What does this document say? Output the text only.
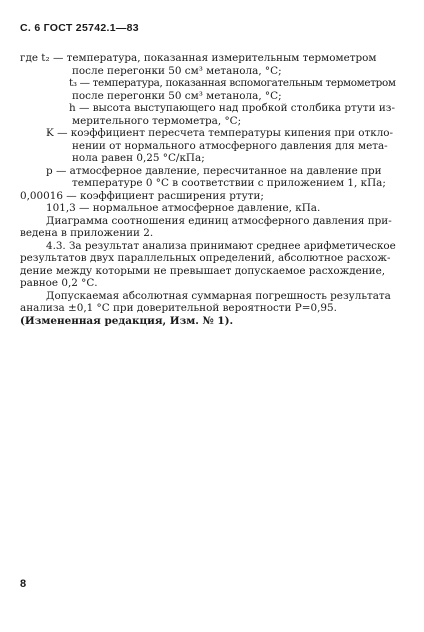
С. 6 ГОСТ 25742.1—83
где t₂ — температура, показанная измерительным термометром
после перегонки 50 см³ метанола, °С;
t₃ — температура, показанная вспомогательным термометром
после перегонки 50 см³ метанола, °С;
h — высота выступающего над пробкой столбика ртути из-
мерительного термометра, °С;
K — коэффициент пересчета температуры кипения при откло-
нении от нормального атмосферного давления для мета-
нола равен 0,25 °С/кПа;
p — атмосферное давление, пересчитанное на давление при
температуре 0 °С в соответствии с приложением 1, кПа;
0,00016 — коэффициент расширения ртути;
101,3 — нормальное атмосферное давление, кПа.
Диаграмма соотношения единиц атмосферного давления при-
ведена в приложении 2.
4.3. За результат анализа принимают среднее арифметическое
результатов двух параллельных определений, абсолютное расхож-
дение между которыми не превышает допускаемое расхождение,
равное 0,2 °С.
Допускаемая абсолютная суммарная погрешность результата
анализа ±0,1 °С при доверительной вероятности P=0,95.
(Измененная редакция, Изм. № 1).
8
